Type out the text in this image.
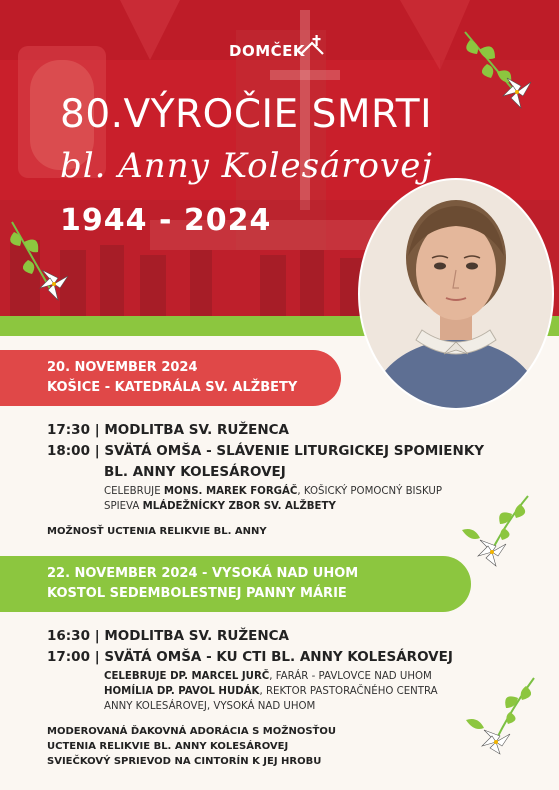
DOMČEK
80.VÝROČIE SMRTI
bl. Anny Kolesárovej
1944 - 2024
20. NOVEMBER 2024
KOŠICE - KATEDRÁLA SV. ALŽBETY
17:30 | MODLITBA SV. RUŽENCA
18:00 | SVÄTÁ OMŠA - SLÁVENIE LITURGICKEJ SPOMIENKY
BL. ANNY KOLESÁROVEJ
CELEBRUJE MONS. MAREK FORGÁČ, KOŠICKÝ POMOCNÝ BISKUP
SPIEVA MLÁDEŽNÍCKY ZBOR SV. ALŽBETY
MOŽNOSŤ UCTENIA RELIKVIE BL. ANNY
22. NOVEMBER 2024 - VYSOKÁ NAD UHOM
KOSTOL SEDEMBOLESTNEJ PANNY MÁRIE
16:30 | MODLITBA SV. RUŽENCA
17:00 | SVÄTÁ OMŠA - KU CTI BL. ANNY KOLESÁROVEJ
CELEBRUJE DP. MARCEL JURČ, FARÁR - PAVLOVCE NAD UHOM
HOMÍLIA DP. PAVOL HUDÁK, REKTOR PASTORAČNÉHO CENTRA
ANNY KOLESÁROVEJ, VYSOKÁ NAD UHOM
MODEROVANÁ ĎAKOVNÁ ADORÁCIA S MOŽNOSŤOU
UCTENIA RELIKVIE BL. ANNY KOLESÁROVEJ
SVIEČKOVÝ SPRIEVOD NA CINTORÍN K JEJ HROBU
